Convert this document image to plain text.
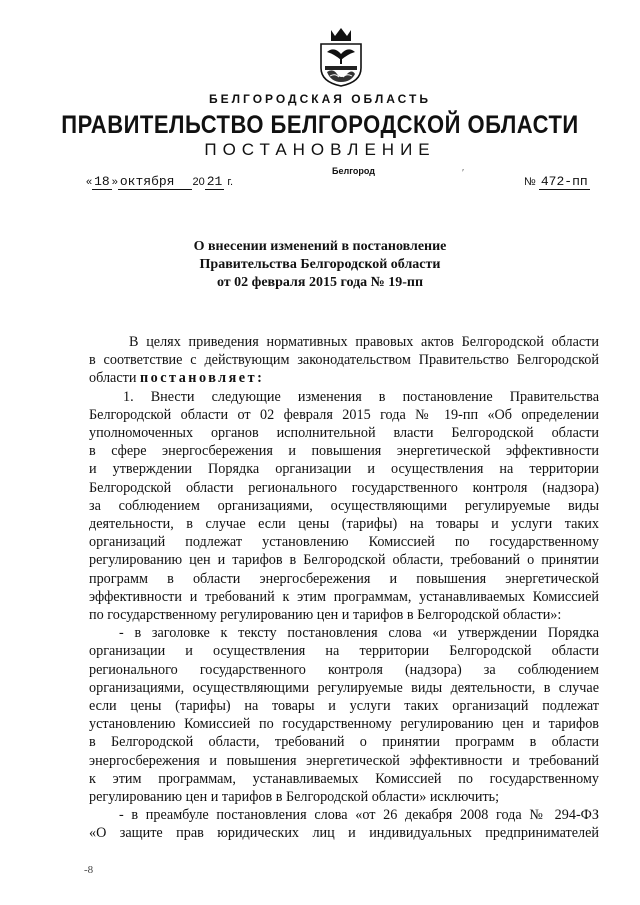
БЕЛГОРОДСКАЯ ОБЛАСТЬ
ПРАВИТЕЛЬСТВО БЕЛГОРОДСКОЙ ОБЛАСТИ
ПОСТАНОВЛЕНИЕ
Белгород	′
« 18 » октября 20 21 г.	№ 472-пп
О внесении изменений в постановление
Правительства Белгородской области
от 02 февраля 2015 года № 19-пп
В целях приведения нормативных правовых актов Белгородской области
в соответствие с действующим законодательством Правительство Белгородской
области постановляет:
1. Внести следующие изменения в постановление Правительства
Белгородской области от 02 февраля 2015 года № 19-пп «Об определении
уполномоченных органов исполнительной власти Белгородской области
в сфере энергосбережения и повышения энергетической эффективности
и утверждении Порядка организации и осуществления на территории
Белгородской области регионального государственного контроля (надзора)
за соблюдением организациями, осуществляющими регулируемые виды
деятельности, в случае если цены (тарифы) на товары и услуги таких
организаций подлежат установлению Комиссией по государственному
регулированию цен и тарифов в Белгородской области, требований о принятии
программ в области энергосбережения и повышения энергетической
эффективности и требований к этим программам, устанавливаемых Комиссией
по государственному регулированию цен и тарифов в Белгородской области»:
- в заголовке к тексту постановления слова «и утверждении Порядка
организации и осуществления на территории Белгородской области
регионального государственного контроля (надзора) за соблюдением
организациями, осуществляющими регулируемые виды деятельности, в случае
если цены (тарифы) на товары и услуги таких организаций подлежат
установлению Комиссией по государственному регулированию цен и тарифов
в Белгородской области, требований о принятии программ в области
энергосбережения и повышения энергетической эффективности и требований
к этим программам, устанавливаемых Комиссией по государственному
регулированию цен и тарифов в Белгородской области» исключить;
- в преамбуле постановления слова «от 26 декабря 2008 года № 294-ФЗ
«О защите прав юридических лиц и индивидуальных предпринимателей
-8
